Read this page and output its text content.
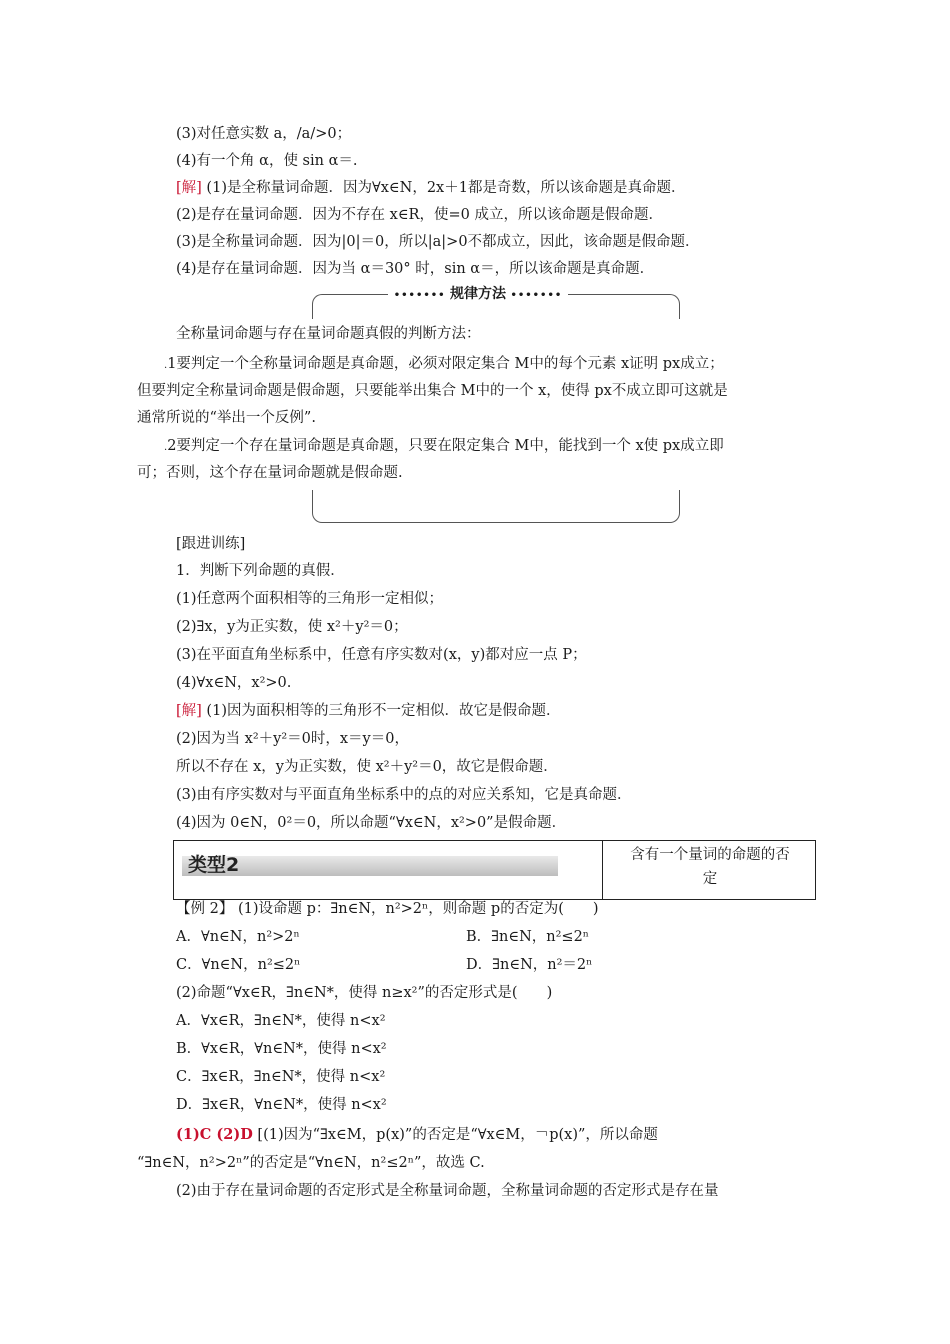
(3)对任意实数 a，/a/>0；
(4)有一个角 α，使 sin α＝.
[解] (1)是全称量词命题．因为∀x∈N，2x＋1都是奇数，所以该命题是真命题．
(2)是存在量词命题．因为不存在 x∈R，使=0 成立，所以该命题是假命题．
(3)是全称量词命题．因为|0|＝0，所以|a|>0不都成立，因此，该命题是假命题．
(4)是存在量词命题．因为当 α＝30° 时，sin α＝，所以该命题是真命题．
••••••• 规律方法 •••••••
全称量词命题与存在量词命题真假的判断方法：
.1要判定一个全称量词命题是真命题，必须对限定集合 M中的每个元素 x证明 px成立；
但要判定全称量词命题是假命题，只要能举出集合 M中的一个 x，使得 px不成立即可这就是
通常所说的“举出一个反例”.
.2要判定一个存在量词命题是真命题，只要在限定集合 M中，能找到一个 x使 px成立即
可；否则，这个存在量词命题就是假命题.
[跟进训练]
1．判断下列命题的真假．
(1)任意两个面积相等的三角形一定相似；
(2)∃x，y为正实数，使 x²＋y²＝0；
(3)在平面直角坐标系中，任意有序实数对(x，y)都对应一点 P；
(4)∀x∈N，x²>0.
[解] (1)因为面积相等的三角形不一定相似．故它是假命题．
(2)因为当 x²＋y²＝0时，x＝y＝0，
所以不存在 x，y为正实数，使 x²＋y²＝0，故它是假命题．
(3)由有序实数对与平面直角坐标系中的点的对应关系知，它是真命题．
(4)因为 0∈N，0²＝0，所以命题“∀x∈N，x²>0”是假命题．
类型2	含有一个量词的命题的否
定
【例 2】 (1)设命题 p：∃n∈N，n²>2ⁿ，则命题 p的否定为(　　)
A．∀n∈N，n²>2ⁿ	B．∃n∈N，n²≤2ⁿ
C．∀n∈N，n²≤2ⁿ	D．∃n∈N，n²＝2ⁿ
(2)命题“∀x∈R，∃n∈N*，使得 n≥x²”的否定形式是(　　)
A．∀x∈R，∃n∈N*，使得 n<x²
B．∀x∈R，∀n∈N*，使得 n<x²
C．∃x∈R，∃n∈N*，使得 n<x²
D．∃x∈R，∀n∈N*，使得 n<x²
(1)C (2)D [(1)因为“∃x∈M，p(x)”的否定是“∀x∈M，￢p(x)”，所以命题
“∃n∈N，n²>2ⁿ”的否定是“∀n∈N，n²≤2ⁿ”，故选 C.
(2)由于存在量词命题的否定形式是全称量词命题，全称量词命题的否定形式是存在量
